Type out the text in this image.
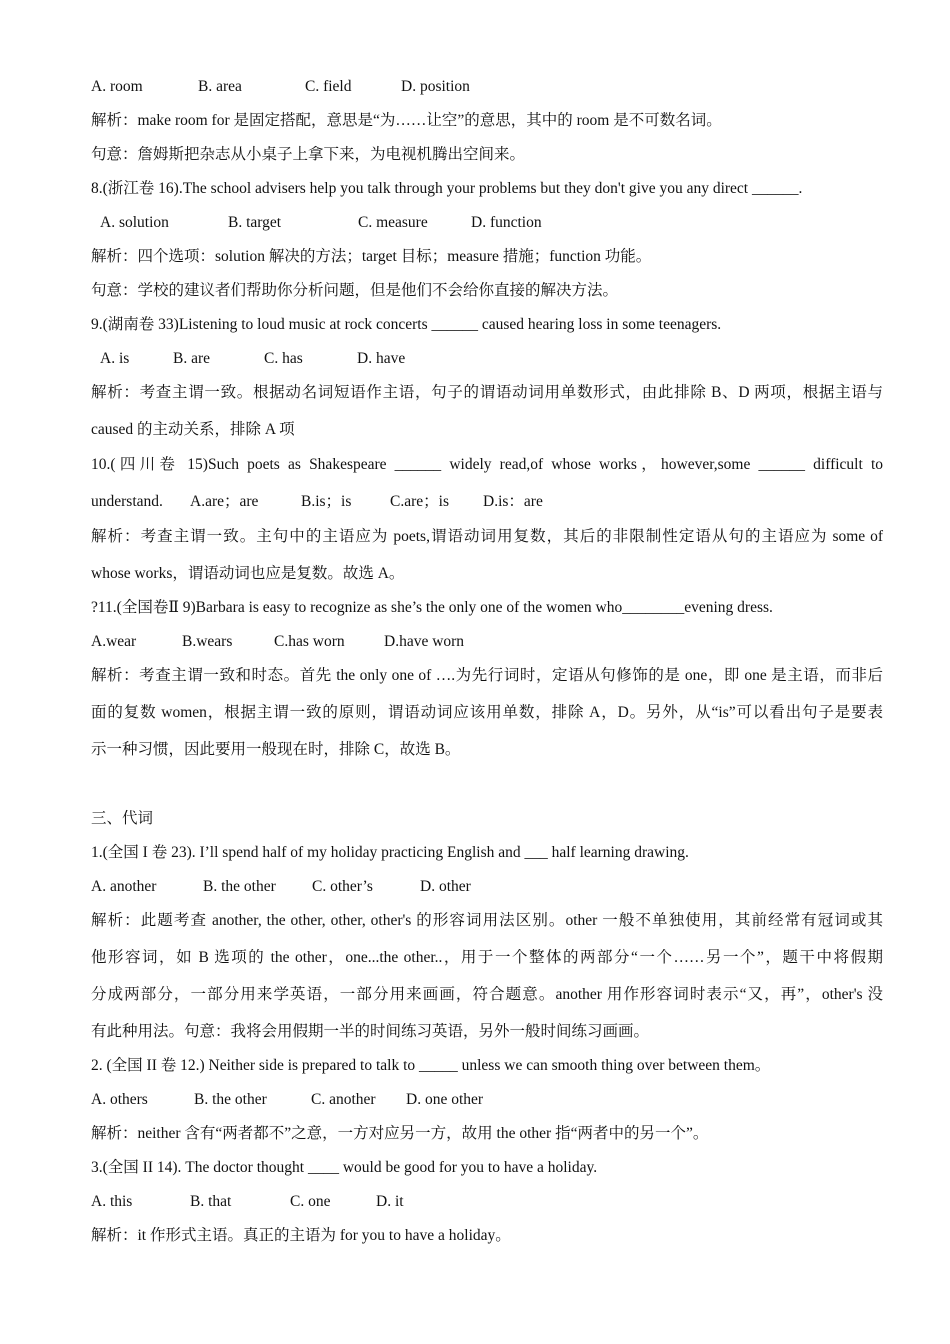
A. room	B. area	C. field	D. position
解析：make room for 是固定搭配，意思是“为……让空”的意思，其中的 room 是不可数名词。
句意：詹姆斯把杂志从小桌子上拿下来，为电视机腾出空间来。
8.(浙江卷 16).The school advisers help you talk through your problems but they don't give you any direct ______.
A. solution	B. target	C. measure	D. function
解析：四个选项：solution 解决的方法；target 目标；measure 措施；function 功能。
句意：学校的建议者们帮助你分析问题，但是他们不会给你直接的解决方法。
9.(湖南卷 33)Listening to loud music at rock concerts ______ caused hearing loss in some teenagers.
A. is	B. are	C. has	D. have
解析：考查主谓一致。根据动名词短语作主语，句子的谓语动词用单数形式，由此排除 B、D 两项，根据主语与
caused 的主动关系，排除 A 项
10.(四川卷 15)Such poets as Shakespeare ______ widely read,of whose works，however,some ______ difficult to
understand. A.are；are	B.is；is C.are；is D.is：are
解析：考查主谓一致。主句中的主语应为 poets,谓语动词用复数，其后的非限制性定语从句的主语应为 some of
whose works，谓语动词也应是复数。故选 A。
?11.(全国卷Ⅱ 9)Barbara is easy to recognize as she’s the only one of the women who________evening dress.
A.wear	B.wears	C.has worn	D.have worn
解析：考查主谓一致和时态。首先 the only one of ….为先行词时，定语从句修饰的是 one，即 one 是主语，而非后
面的复数 women，根据主谓一致的原则，谓语动词应该用单数，排除 A，D。另外，从“is”可以看出句子是要表
示一种习惯，因此要用一般现在时，排除 C，故选 B。
三、代词
1.(全国 I 卷 23). I’ll spend half of my holiday practicing English and ___ half learning drawing.
A. another	B. the other C. other’s	D. other
解析：此题考查 another, the other, other, other's 的形容词用法区别。other 一般不单独使用，其前经常有冠词或其
他形容词，如 B 选项的 the other，one...the other..，用于一个整体的两部分“一个……另一个”，题干中将假期
分成两部分，一部分用来学英语，一部分用来画画，符合题意。another 用作形容词时表示“又，再”，other's 没
有此种用法。句意：我将会用假期一半的时间练习英语，另外一般时间练习画画。
2. (全国 II 卷 12.) Neither side is prepared to talk to _____ unless we can smooth thing over between them。
A. others	B. the other	C. another D. one other
解析：neither 含有“两者都不”之意，一方对应另一方，故用 the other 指“两者中的另一个”。
3.(全国 II 14). The doctor thought ____ would be good for you to have a holiday.
A. this	B. that	C. one	D. it
解析：it 作形式主语。真正的主语为 for you to have a holiday。
